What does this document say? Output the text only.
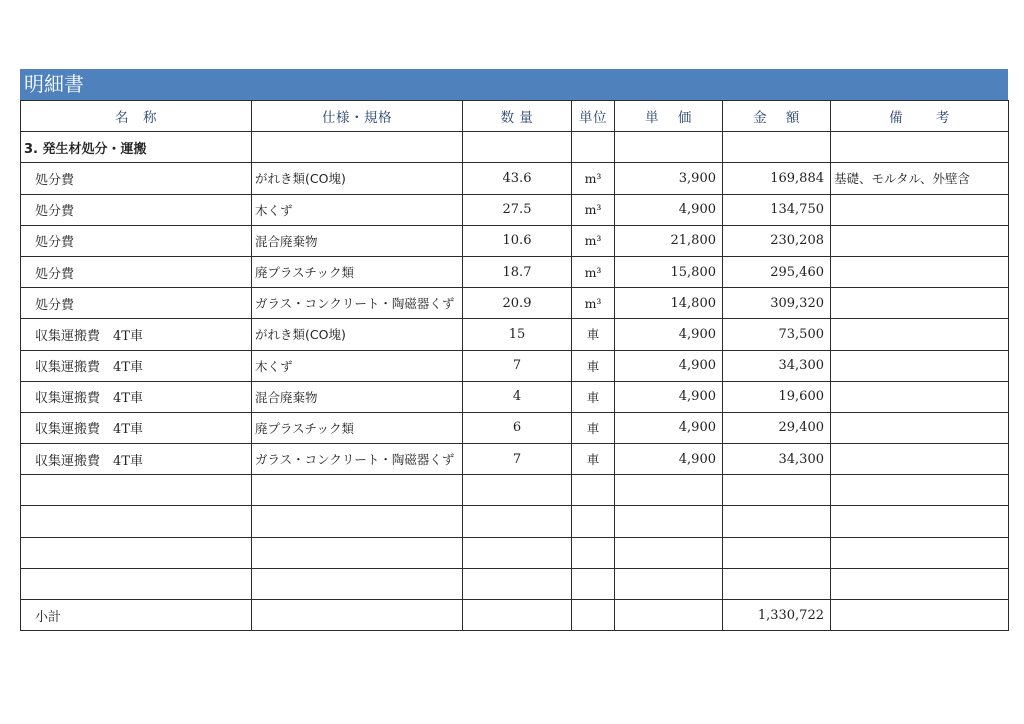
明細書
名　称	仕様・規格	数 量	単位	単　 価	金　 額	備　　 考
3. 発生材処分・運搬						
処分費	がれき類(CO塊)	43.6	m³	3,900	169,884	基礎、モルタル、外壁含
処分費	木くず	27.5	m³	4,900	134,750	
処分費	混合廃棄物	10.6	m³	21,800	230,208	
処分費	廃プラスチック類	18.7	m³	15,800	295,460	
処分費	ガラス・コンクリート・陶磁器くず	20.9	m³	14,800	309,320	
収集運搬費　4T車	がれき類(CO塊)	15	車	4,900	73,500	
収集運搬費　4T車	木くず	7	車	4,900	34,300	
収集運搬費　4T車	混合廃棄物	4	車	4,900	19,600	
収集運搬費　4T車	廃プラスチック類	6	車	4,900	29,400	
収集運搬費　4T車	ガラス・コンクリート・陶磁器くず	7	車	4,900	34,300	

小計					1,330,722	
